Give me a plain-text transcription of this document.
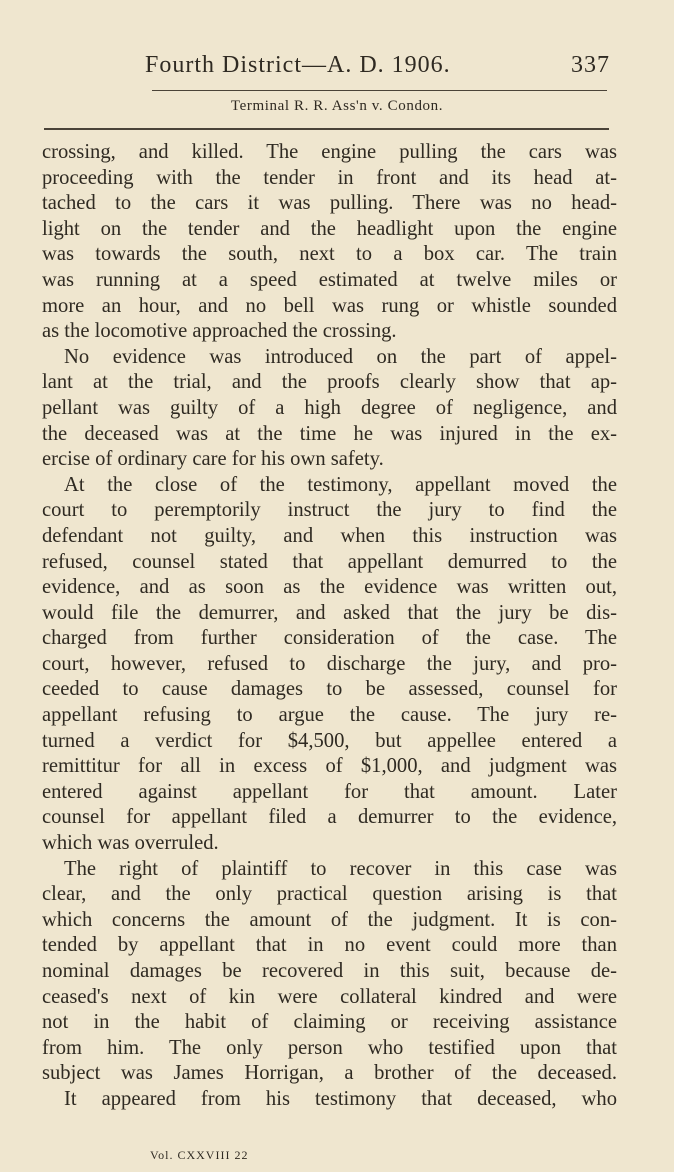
Fourth District—A. D. 1906.	337
Terminal R. R. Ass'n v. Condon.
crossing, and killed. The engine pulling the cars was
proceeding with the tender in front and its head at-
tached to the cars it was pulling. There was no head-
light on the tender and the headlight upon the engine
was towards the south, next to a box car. The train
was running at a speed estimated at twelve miles or
more an hour, and no bell was rung or whistle sounded
as the locomotive approached the crossing.
No evidence was introduced on the part of appel-
lant at the trial, and the proofs clearly show that ap-
pellant was guilty of a high degree of negligence, and
the deceased was at the time he was injured in the ex-
ercise of ordinary care for his own safety.
At the close of the testimony, appellant moved the
court to peremptorily instruct the jury to find the
defendant not guilty, and when this instruction was
refused, counsel stated that appellant demurred to the
evidence, and as soon as the evidence was written out,
would file the demurrer, and asked that the jury be dis-
charged from further consideration of the case. The
court, however, refused to discharge the jury, and pro-
ceeded to cause damages to be assessed, counsel for
appellant refusing to argue the cause. The jury re-
turned a verdict for $4,500, but appellee entered a
remittitur for all in excess of $1,000, and judgment was
entered against appellant for that amount. Later
counsel for appellant filed a demurrer to the evidence,
which was overruled.
The right of plaintiff to recover in this case was
clear, and the only practical question arising is that
which concerns the amount of the judgment. It is con-
tended by appellant that in no event could more than
nominal damages be recovered in this suit, because de-
ceased's next of kin were collateral kindred and were
not in the habit of claiming or receiving assistance
from him. The only person who testified upon that
subject was James Horrigan, a brother of the deceased.
It appeared from his testimony that deceased, who
Vol. CXXVIII 22
